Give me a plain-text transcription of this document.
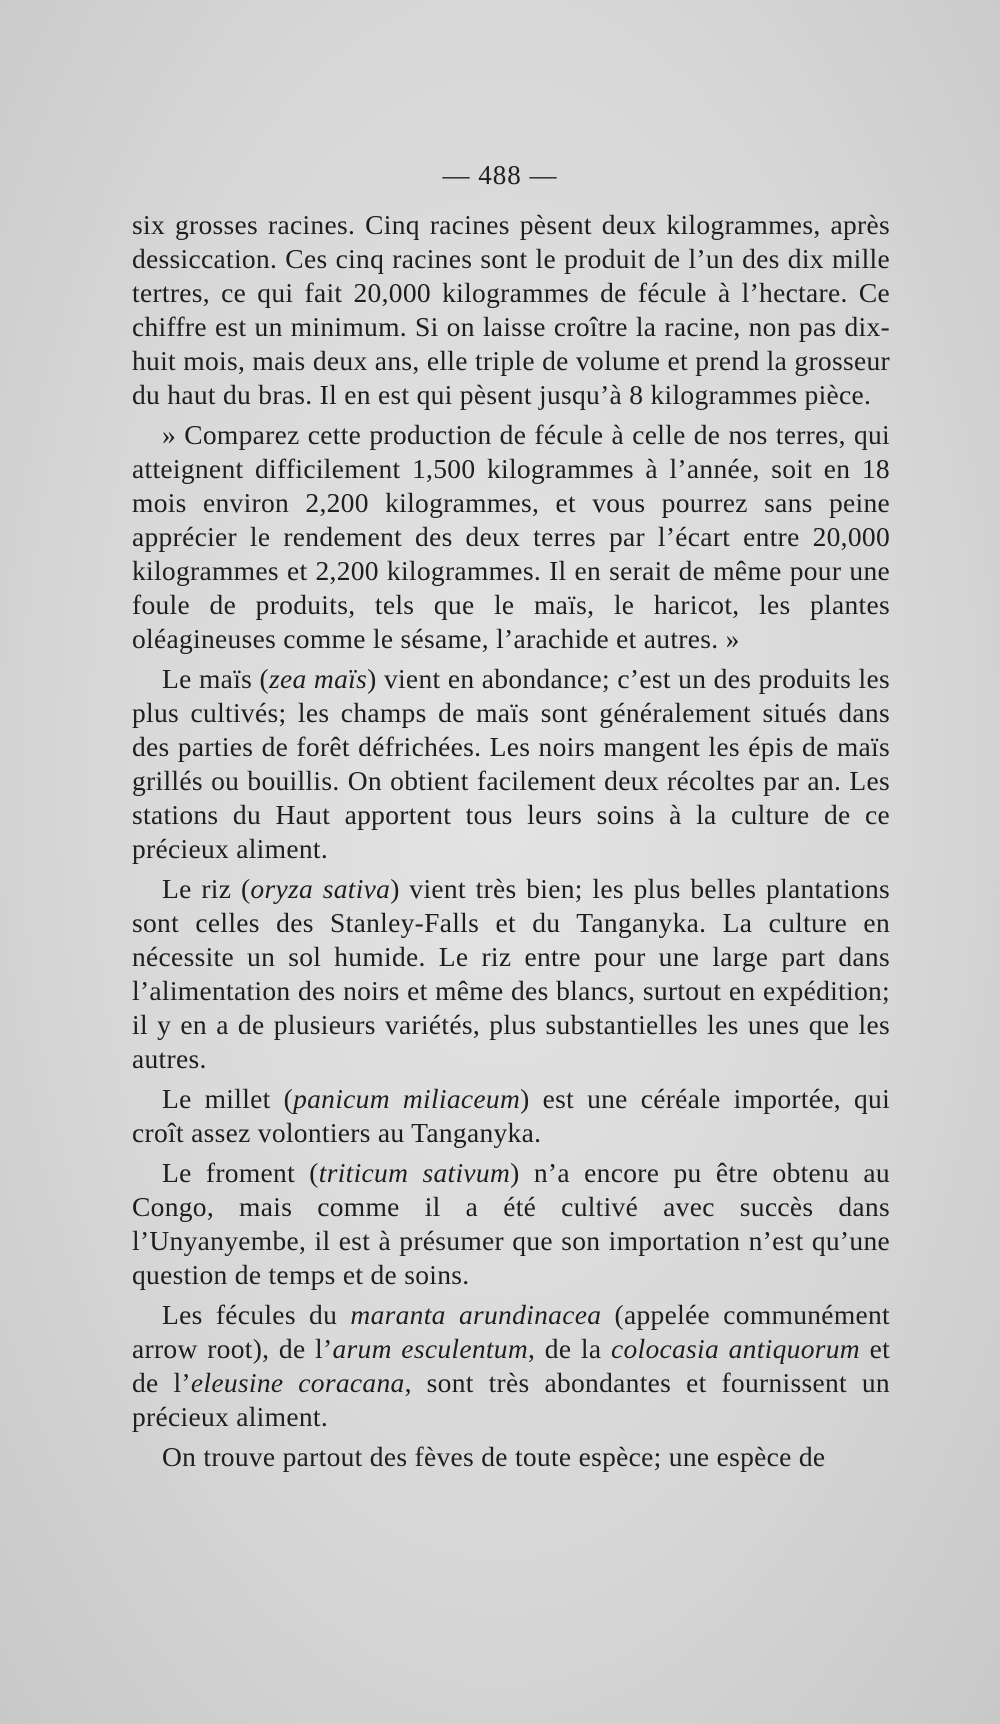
— 488 —

six grosses racines. Cinq racines pèsent deux kilogrammes, après dessiccation. Ces cinq racines sont le produit de l’un des dix mille tertres, ce qui fait 20,000 kilogrammes de fécule à l’hectare. Ce chiffre est un minimum. Si on laisse croître la racine, non pas dix-huit mois, mais deux ans, elle triple de volume et prend la grosseur du haut du bras. Il en est qui pèsent jusqu’à 8 kilogrammes pièce.

» Comparez cette production de fécule à celle de nos terres, qui atteignent difficilement 1,500 kilogrammes à l’année, soit en 18 mois environ 2,200 kilogrammes, et vous pourrez sans peine apprécier le rendement des deux terres par l’écart entre 20,000 kilogrammes et 2,200 kilogrammes. Il en serait de même pour une foule de produits, tels que le maïs, le haricot, les plantes oléagineuses comme le sésame, l’arachide et autres. »

Le maïs (zea maïs) vient en abondance; c’est un des produits les plus cultivés; les champs de maïs sont généralement situés dans des parties de forêt défrichées. Les noirs mangent les épis de maïs grillés ou bouillis. On obtient facilement deux récoltes par an. Les stations du Haut apportent tous leurs soins à la culture de ce précieux aliment.

Le riz (oryza sativa) vient très bien; les plus belles plantations sont celles des Stanley-Falls et du Tanganyka. La culture en nécessite un sol humide. Le riz entre pour une large part dans l’alimentation des noirs et même des blancs, surtout en expédition; il y en a de plusieurs variétés, plus substantielles les unes que les autres.

Le millet (panicum miliaceum) est une céréale importée, qui croît assez volontiers au Tanganyka.

Le froment (triticum sativum) n’a encore pu être obtenu au Congo, mais comme il a été cultivé avec succès dans l’Unyanyembe, il est à présumer que son importation n’est qu’une question de temps et de soins.

Les fécules du maranta arundinacea (appelée communément arrow root), de l’arum esculentum, de la colocasia antiquorum et de l’eleusine coracana, sont très abondantes et fournissent un précieux aliment.

On trouve partout des fèves de toute espèce; une espèce de
